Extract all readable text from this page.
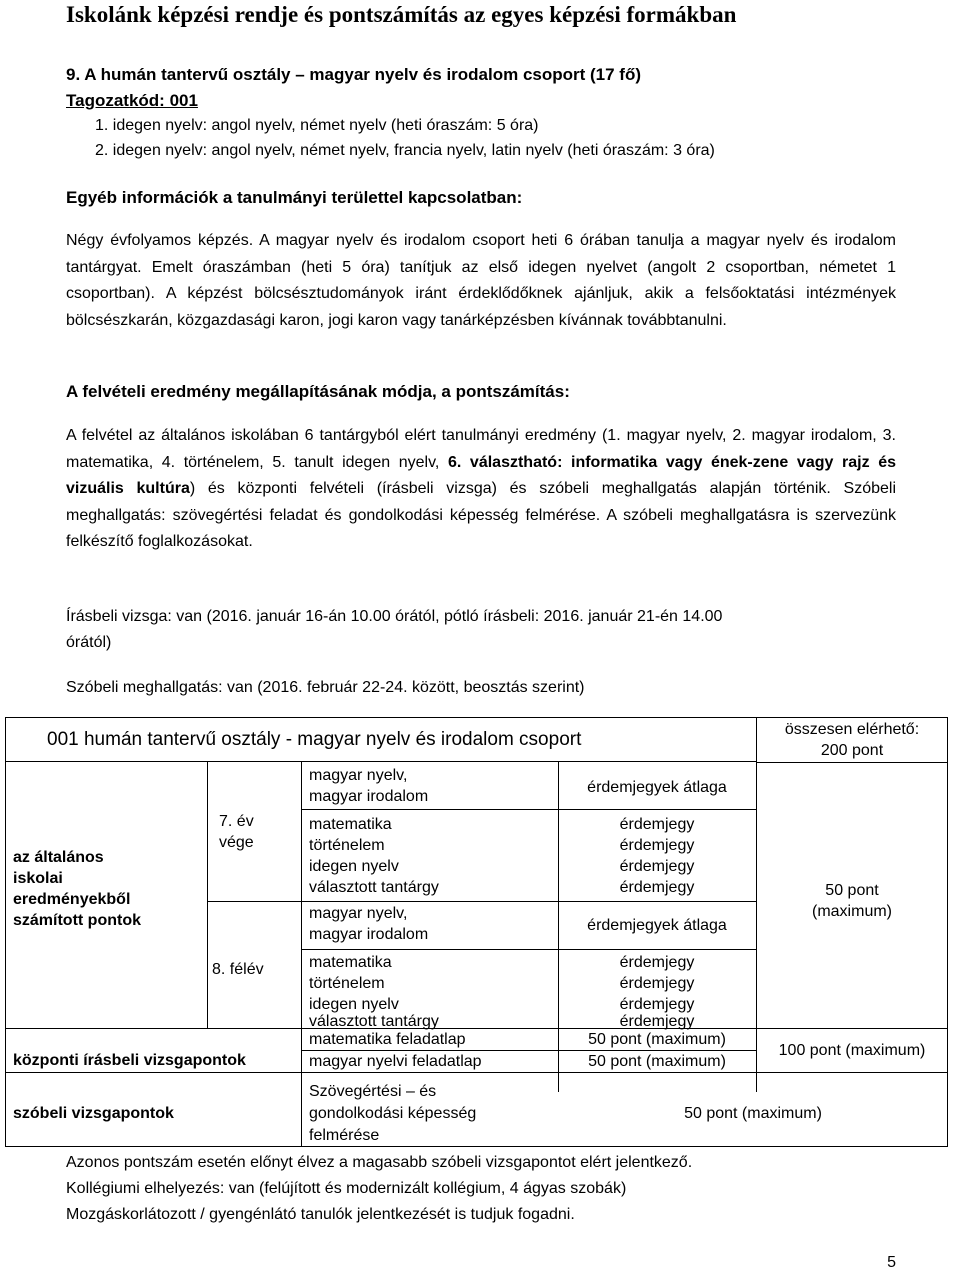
Iskolánk képzési rendje és pontszámítás az egyes képzési formákban
9. A humán tantervű osztály – magyar nyelv és irodalom csoport (17 fő)
Tagozatkód: 001
1. idegen nyelv: angol nyelv, német nyelv (heti óraszám: 5 óra)
2. idegen nyelv: angol nyelv, német nyelv, francia nyelv, latin nyelv (heti óraszám: 3 óra)
Egyéb információk a tanulmányi területtel kapcsolatban:
Négy évfolyamos képzés. A magyar nyelv és irodalom csoport heti 6 órában tanulja a magyar nyelv és irodalom tantárgyat. Emelt óraszámban (heti 5 óra) tanítjuk az első idegen nyelvet (angolt 2 csoportban, németet 1 csoportban). A képzést bölcsésztudományok iránt érdeklődőknek ajánljuk, akik a felsőoktatási intézmények bölcsészkarán, közgazdasági karon, jogi karon vagy tanárképzésben kívánnak továbbtanulni.
A felvételi eredmény megállapításának módja, a pontszámítás:
A felvétel az általános iskolában 6 tantárgyból elért tanulmányi eredmény (1. magyar nyelv, 2. magyar irodalom, 3. matematika, 4. történelem, 5. tanult idegen nyelv, 6. választható: informatika vagy ének-zene vagy rajz és vizuális kultúra) és központi felvételi (írásbeli vizsga) és szóbeli meghallgatás alapján történik. Szóbeli meghallgatás: szövegértési feladat és gondolkodási képesség felmérése. A szóbeli meghallgatásra is szervezünk felkészítő foglalkozásokat.
Írásbeli vizsga: van (2016. január 16-án 10.00 órától, pótló írásbeli: 2016. január 21-én 14.00
órától)
Szóbeli meghallgatás: van (2016. február 22-24. között, beosztás szerint)
001 humán tantervű osztály - magyar nyelv és irodalom csoport	összesen elérhető:
200 pont
az általános
iskolai
eredményekből
számított pontok
7. év
vége
8. félév
magyar nyelv,
magyar irodalom
érdemjegyek átlaga
matematika
történelem
idegen nyelv
választott tantárgy
érdemjegy
érdemjegy
érdemjegy
érdemjegy
magyar nyelv,
magyar irodalom
érdemjegyek átlaga
matematika
történelem
idegen nyelv
választott tantárgy
érdemjegy
érdemjegy
érdemjegy
érdemjegy
50 pont
(maximum)
központi írásbeli vizsgapontok
matematika feladatlap
magyar nyelvi feladatlap
50 pont (maximum)
50 pont (maximum)
100 pont (maximum)
szóbeli vizsgapontok
Szövegértési – és
gondolkodási képesség
felmérése
50 pont (maximum)
Azonos pontszám esetén előnyt élvez a magasabb szóbeli vizsgapontot elért jelentkező.
Kollégiumi elhelyezés: van (felújított és modernizált kollégium, 4 ágyas szobák)
Mozgáskorlátozott / gyengénlátó tanulók jelentkezését is tudjuk fogadni.
5
